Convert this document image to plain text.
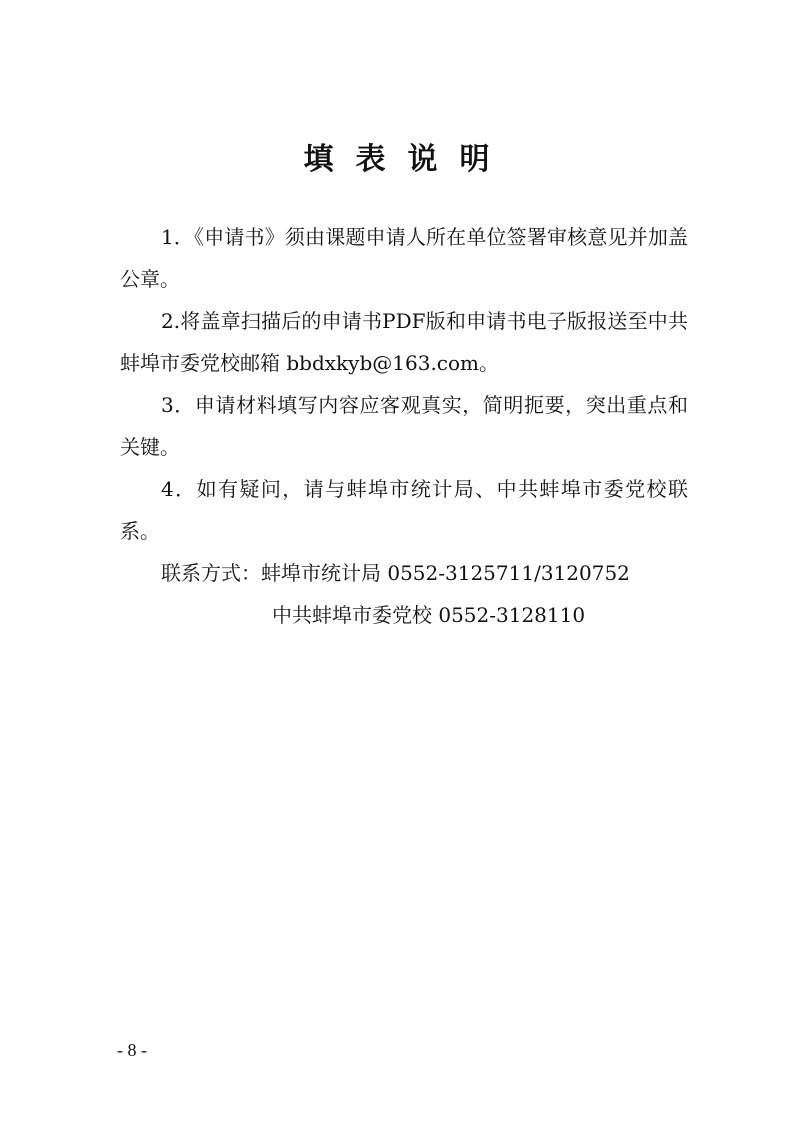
填表说明

1．《申请书》须由课题申请人所在单位签署审核意见并加盖公章。

2.将盖章扫描后的申请书PDF版和申请书电子版报送至中共蚌埠市委党校邮箱 bbdxkyb@163.com。

3．申请材料填写内容应客观真实，简明扼要，突出重点和关键。

4．如有疑问，请与蚌埠市统计局、中共蚌埠市委党校联系。

联系方式：蚌埠市统计局 0552-3125711/3120752

中共蚌埠市委党校 0552-3128110

- 8 -
